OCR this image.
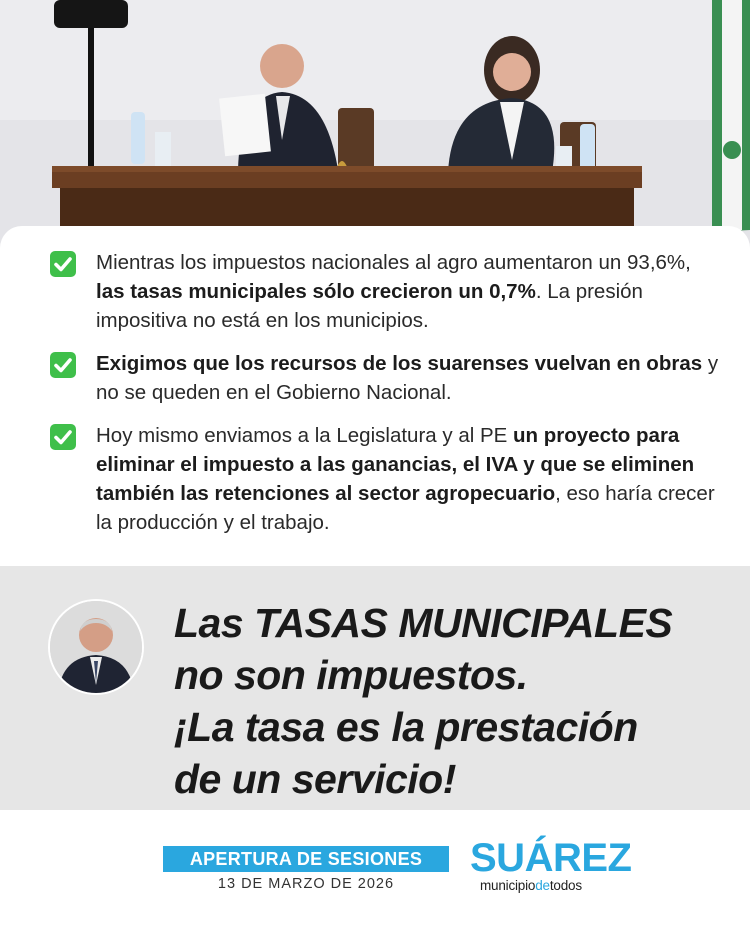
Mientras los impuestos nacionales al agro aumentaron un 93,6%, las tasas municipales sólo crecieron un 0,7%. La presión impositiva no está en los municipios.
Exigimos que los recursos de los suarenses vuelvan en obras y no se queden en el Gobierno Nacional.
Hoy mismo enviamos a la Legislatura y al PE un proyecto para eliminar el impuesto a las ganancias, el IVA y que se eliminen también las retenciones al sector agropecuario, eso haría crecer la producción y el trabajo.

Las TASAS MUNICIPALES
no son impuestos.
¡La tasa es la prestación
de un servicio!

APERTURA DE SESIONES
13 DE MARZO DE 2026
SUÁREZ
municipiodetodos
